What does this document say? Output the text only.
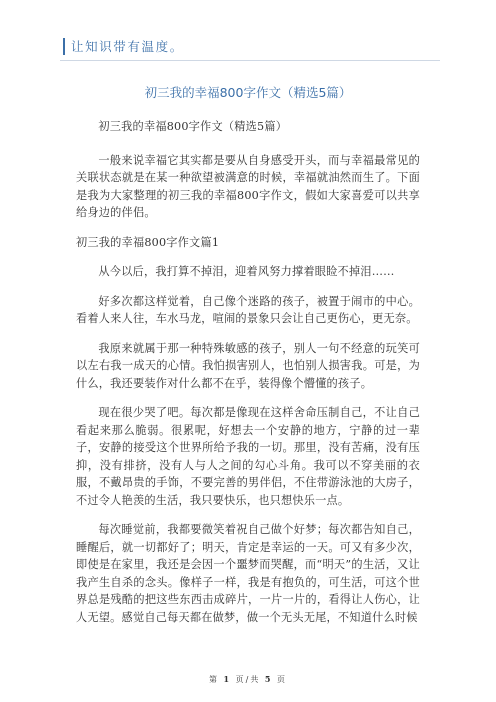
让知识带有温度。
初三我的幸福800字作文（精选5篇）

初三我的幸福800字作文（精选5篇）

一般来说幸福它其实都是要从自身感受开头，而与幸福最常见的关联状态就是在某一种欲望被满意的时候，幸福就油然而生了。下面是我为大家整理的初三我的幸福800字作文，假如大家喜爱可以共享给身边的伴侣。

初三我的幸福800字作文篇1

从今以后，我打算不掉泪，迎着风努力撑着眼睑不掉泪……

好多次都这样觉着，自己像个迷路的孩子，被置于闹市的中心。看着人来人往，车水马龙，喧闹的景象只会让自己更伤心，更无奈。

我原来就属于那一种特殊敏感的孩子，别人一句不经意的玩笑可以左右我一成天的心情。我怕损害别人，也怕别人损害我。可是，为什么，我还要装作对什么都不在乎，装得像个懵懂的孩子。

现在很少哭了吧。每次都是像现在这样舍命压制自己，不让自己看起来那么脆弱。很累呢，好想去一个安静的地方，宁静的过一辈子，安静的接受这个世界所给予我的一切。那里，没有苦痛，没有压抑，没有排挤，没有人与人之间的勾心斗角。我可以不穿美丽的衣服，不戴昂贵的手饰，不要完善的男伴侣，不住带游泳池的大房子，不过令人艳羡的生活，我只要快乐，也只想快乐一点。

每次睡觉前，我都要微笑着祝自己做个好梦；每次都告知自己，睡醒后，就一切都好了；明天，肯定是幸运的一天。可又有多少次，即使是在家里，我还是会因一个噩梦而哭醒，而“明天”的生活，又让我产生自杀的念头。像样子一样，我是有抱负的，可生活，可这个世界总是残酷的把这些东西击成碎片，一片一片的，看得让人伤心，让人无望。感觉自己每天都在做梦，做一个无头无尾，不知道什么时候

第 1 页/共 5 页
